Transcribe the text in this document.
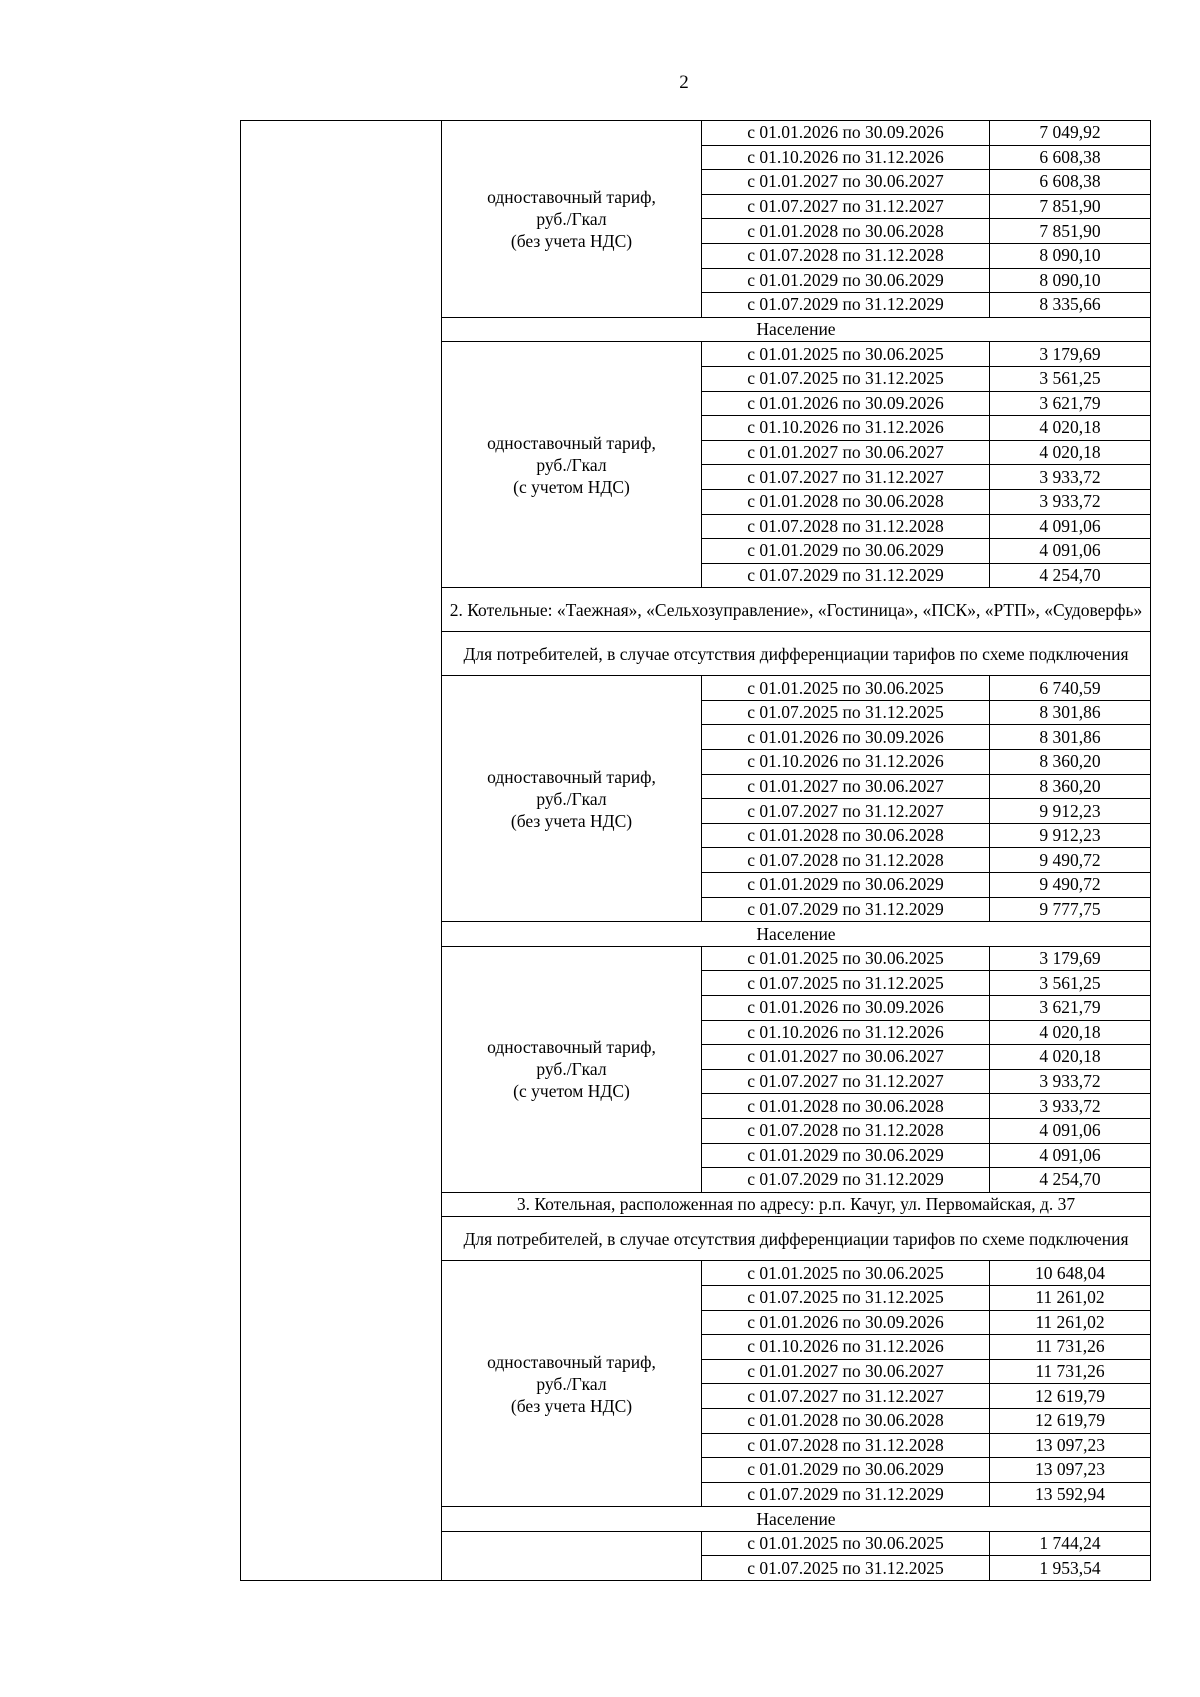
2
	одноставочный тариф,
руб./Гкал
(без учета НДС)	с 01.01.2026 по 30.09.2026	7 049,92
		с 01.10.2026 по 31.12.2026	6 608,38
		с 01.01.2027 по 30.06.2027	6 608,38
		с 01.07.2027 по 31.12.2027	7 851,90
		с 01.01.2028 по 30.06.2028	7 851,90
		с 01.07.2028 по 31.12.2028	8 090,10
		с 01.01.2029 по 30.06.2029	8 090,10
		с 01.07.2029 по 31.12.2029	8 335,66
	Население		
	одноставочный тариф,
руб./Гкал
(с учетом НДС)	с 01.01.2025 по 30.06.2025	3 179,69
		с 01.07.2025 по 31.12.2025	3 561,25
		с 01.01.2026 по 30.09.2026	3 621,79
		с 01.10.2026 по 31.12.2026	4 020,18
		с 01.01.2027 по 30.06.2027	4 020,18
		с 01.07.2027 по 31.12.2027	3 933,72
		с 01.01.2028 по 30.06.2028	3 933,72
		с 01.07.2028 по 31.12.2028	4 091,06
		с 01.01.2029 по 30.06.2029	4 091,06
		с 01.07.2029 по 31.12.2029	4 254,70
	2. Котельные: «Таежная», «Сельхозуправление», «Гостиница», «ПСК», «РТП», «Судоверфь»		
	Для потребителей, в случае отсутствия дифференциации тарифов по схеме подключения		
	одноставочный тариф,
руб./Гкал
(без учета НДС)	с 01.01.2025 по 30.06.2025	6 740,59
		с 01.07.2025 по 31.12.2025	8 301,86
		с 01.01.2026 по 30.09.2026	8 301,86
		с 01.10.2026 по 31.12.2026	8 360,20
		с 01.01.2027 по 30.06.2027	8 360,20
		с 01.07.2027 по 31.12.2027	9 912,23
		с 01.01.2028 по 30.06.2028	9 912,23
		с 01.07.2028 по 31.12.2028	9 490,72
		с 01.01.2029 по 30.06.2029	9 490,72
		с 01.07.2029 по 31.12.2029	9 777,75
	Население		
	одноставочный тариф,
руб./Гкал
(с учетом НДС)	с 01.01.2025 по 30.06.2025	3 179,69
		с 01.07.2025 по 31.12.2025	3 561,25
		с 01.01.2026 по 30.09.2026	3 621,79
		с 01.10.2026 по 31.12.2026	4 020,18
		с 01.01.2027 по 30.06.2027	4 020,18
		с 01.07.2027 по 31.12.2027	3 933,72
		с 01.01.2028 по 30.06.2028	3 933,72
		с 01.07.2028 по 31.12.2028	4 091,06
		с 01.01.2029 по 30.06.2029	4 091,06
		с 01.07.2029 по 31.12.2029	4 254,70
	3. Котельная, расположенная по адресу: р.п. Качуг, ул. Первомайская, д. 37		
	Для потребителей, в случае отсутствия дифференциации тарифов по схеме подключения		
	одноставочный тариф,
руб./Гкал
(без учета НДС)	с 01.01.2025 по 30.06.2025	10 648,04
		с 01.07.2025 по 31.12.2025	11 261,02
		с 01.01.2026 по 30.09.2026	11 261,02
		с 01.10.2026 по 31.12.2026	11 731,26
		с 01.01.2027 по 30.06.2027	11 731,26
		с 01.07.2027 по 31.12.2027	12 619,79
		с 01.01.2028 по 30.06.2028	12 619,79
		с 01.07.2028 по 31.12.2028	13 097,23
		с 01.01.2029 по 30.06.2029	13 097,23
		с 01.07.2029 по 31.12.2029	13 592,94
	Население		
		с 01.01.2025 по 30.06.2025	1 744,24
		с 01.07.2025 по 31.12.2025	1 953,54
